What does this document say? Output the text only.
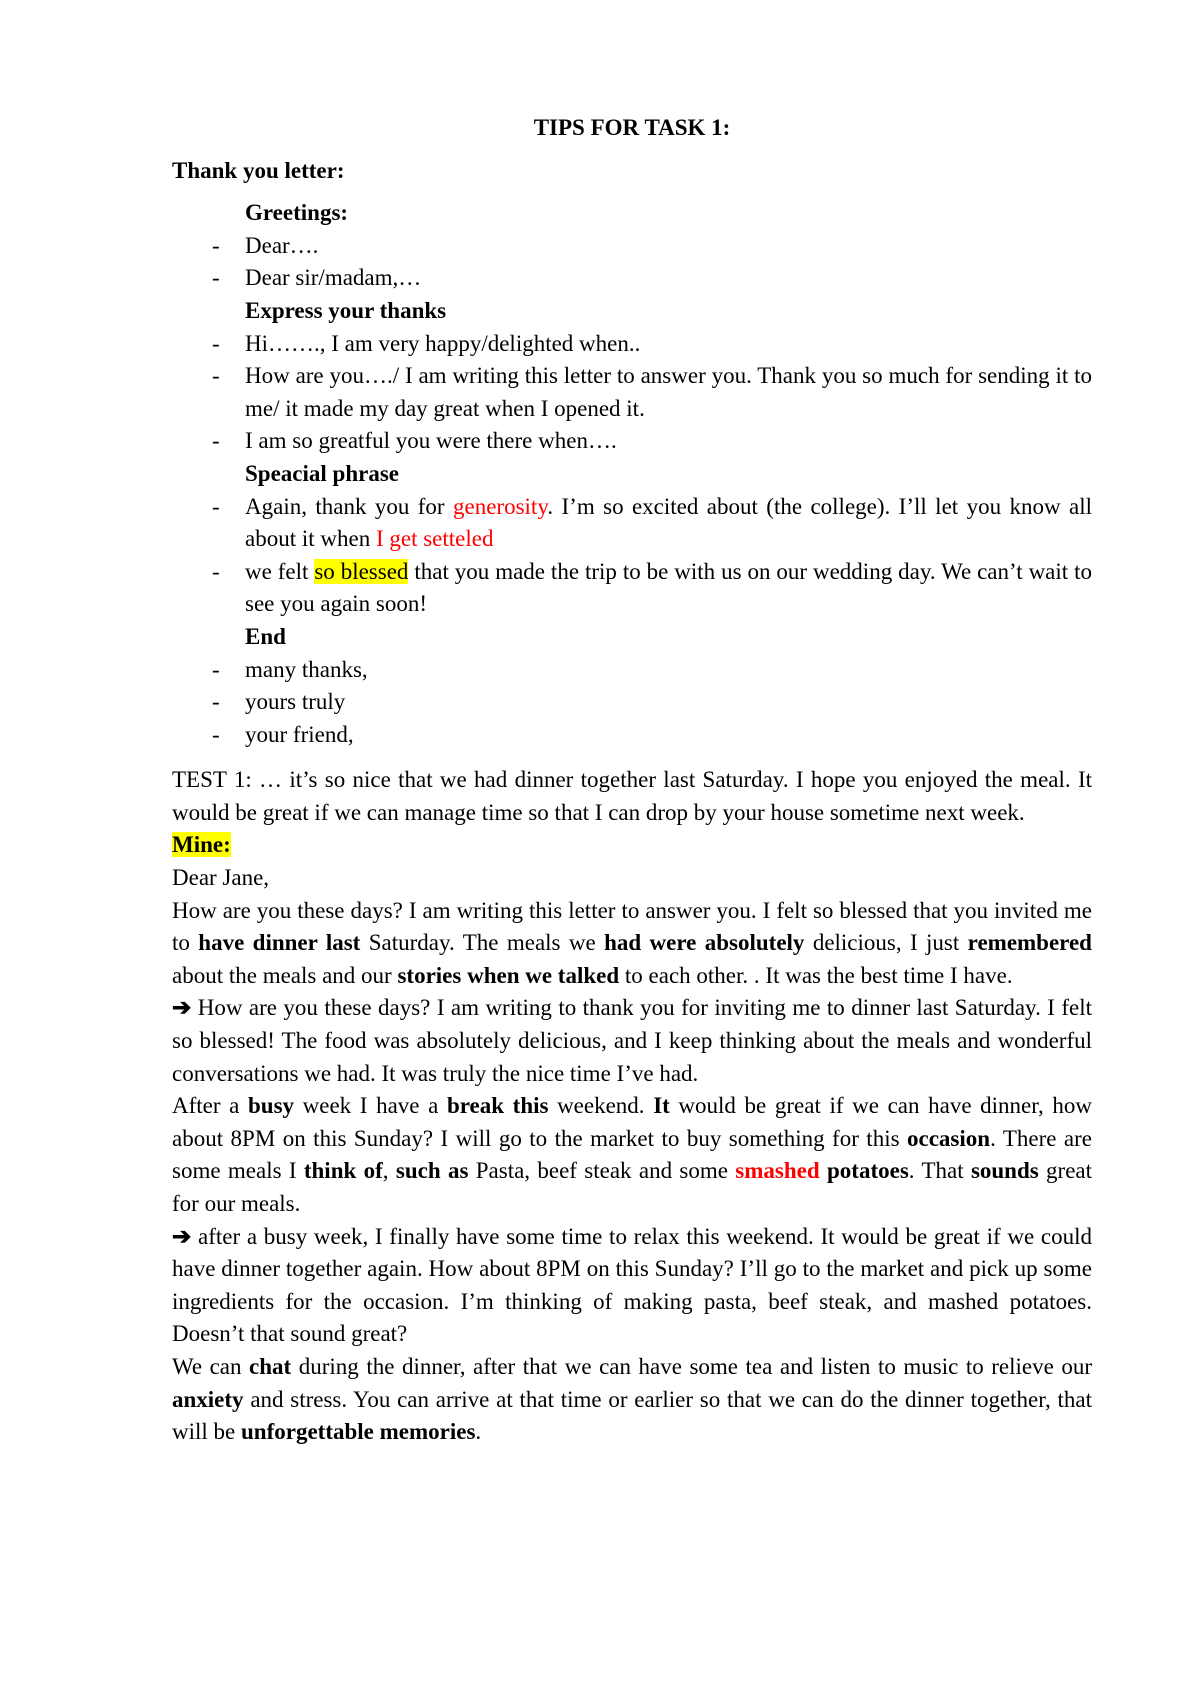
TIPS FOR TASK 1:
Thank you letter:
Greetings:
- Dear….
- Dear sir/madam,…
Express your thanks
- Hi……., I am very happy/delighted when..
- How are you…./ I am writing this letter to answer you. Thank you so much for sending it to me/ it made my day great when I opened it.
- I am so greatful you were there when….
Speacial phrase
- Again, thank you for generosity. I’m so excited about (the college). I’ll let you know all about it when I get setteled
- we felt so blessed that you made the trip to be with us on our wedding day. We can’t wait to see you again soon!
End
- many thanks,
- yours truly
- your friend,
TEST 1: … it’s so nice that we had dinner together last Saturday. I hope you enjoyed the meal. It would be great if we can manage time so that I can drop by your house sometime next week.
Mine:
Dear Jane,
How are you these days? I am writing this letter to answer you. I felt so blessed that you invited me to have dinner last Saturday. The meals we had were absolutely delicious, I just remembered about the meals and our stories when we talked to each other. . It was the best time I have.
➔ How are you these days? I am writing to thank you for inviting me to dinner last Saturday. I felt so blessed! The food was absolutely delicious, and I keep thinking about the meals and wonderful conversations we had. It was truly the nice time I’ve had.
After a busy week I have a break this weekend. It would be great if we can have dinner, how about 8PM on this Sunday? I will go to the market to buy something for this occasion. There are some meals I think of, such as Pasta, beef steak and some smashed potatoes. That sounds great for our meals.
➔ after a busy week, I finally have some time to relax this weekend. It would be great if we could have dinner together again. How about 8PM on this Sunday? I’ll go to the market and pick up some ingredients for the occasion. I’m thinking of making pasta, beef steak, and mashed potatoes. Doesn’t that sound great?
We can chat during the dinner, after that we can have some tea and listen to music to relieve our anxiety and stress. You can arrive at that time or earlier so that we can do the dinner together, that will be unforgettable memories.
